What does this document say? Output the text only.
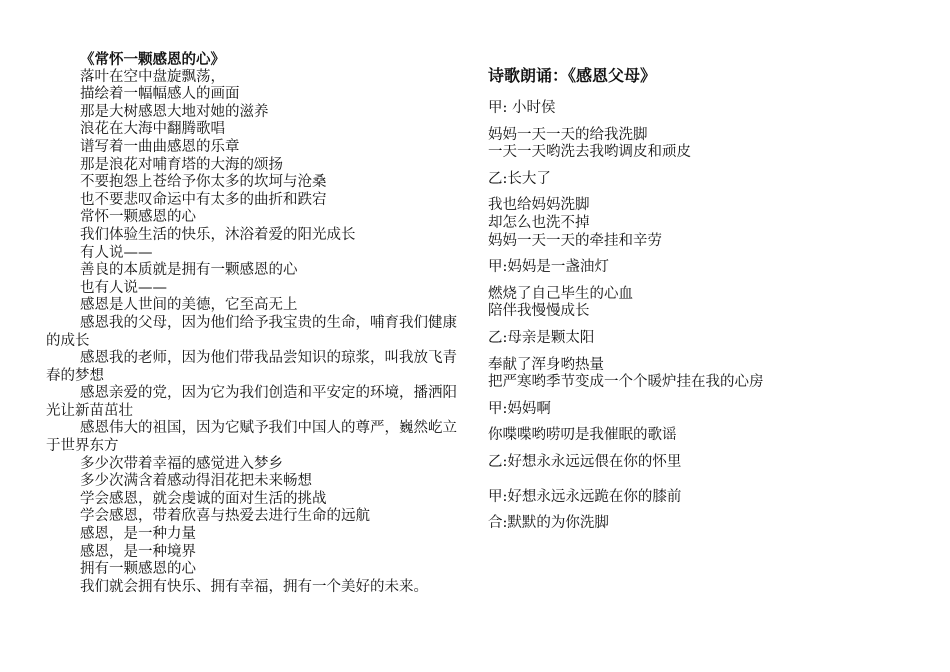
《常怀一颗感恩的心》
落叶在空中盘旋飘荡，
描绘着一幅幅感人的画面
那是大树感恩大地对她的滋养
浪花在大海中翻腾歌唱
谱写着一曲曲感恩的乐章
那是浪花对哺育塔的大海的颂扬
不要抱怨上苍给予你太多的坎坷与沧桑
也不要悲叹命运中有太多的曲折和跌宕
常怀一颗感恩的心
我们体验生活的快乐，沐浴着爱的阳光成长
有人说——
善良的本质就是拥有一颗感恩的心
也有人说——
感恩是人世间的美德，它至高无上
感恩我的父母，因为他们给予我宝贵的生命，哺育我们健康的成长
感恩我的老师，因为他们带我品尝知识的琼浆，叫我放飞青春的梦想
感恩亲爱的党，因为它为我们创造和平安定的环境，播洒阳光让新苗茁壮
感恩伟大的祖国，因为它赋予我们中国人的尊严，巍然屹立于世界东方
多少次带着幸福的感觉进入梦乡
多少次满含着感动得泪花把未来畅想
学会感恩，就会虔诚的面对生活的挑战
学会感恩，带着欣喜与热爱去进行生命的远航
感恩，是一种力量
感恩，是一种境界
拥有一颗感恩的心
我们就会拥有快乐、拥有幸福，拥有一个美好的未来。
诗歌朗诵：《感恩父母》
甲: 小时侯
妈妈一天一天的给我洗脚
一天一天哟洗去我哟调皮和顽皮
乙:长大了
我也给妈妈洗脚
却怎么也洗不掉
妈妈一天一天的牵挂和辛劳
甲:妈妈是一盏油灯
燃烧了自己毕生的心血
陪伴我慢慢成长
乙:母亲是颗太阳
奉献了浑身哟热量
把严寒哟季节变成一个个暖炉挂在我的心房
甲:妈妈啊
你喋喋哟唠叨是我催眠的歌谣
乙:好想永永远远偎在你的怀里
甲:好想永远永远跪在你的膝前
合:默默的为你洗脚
